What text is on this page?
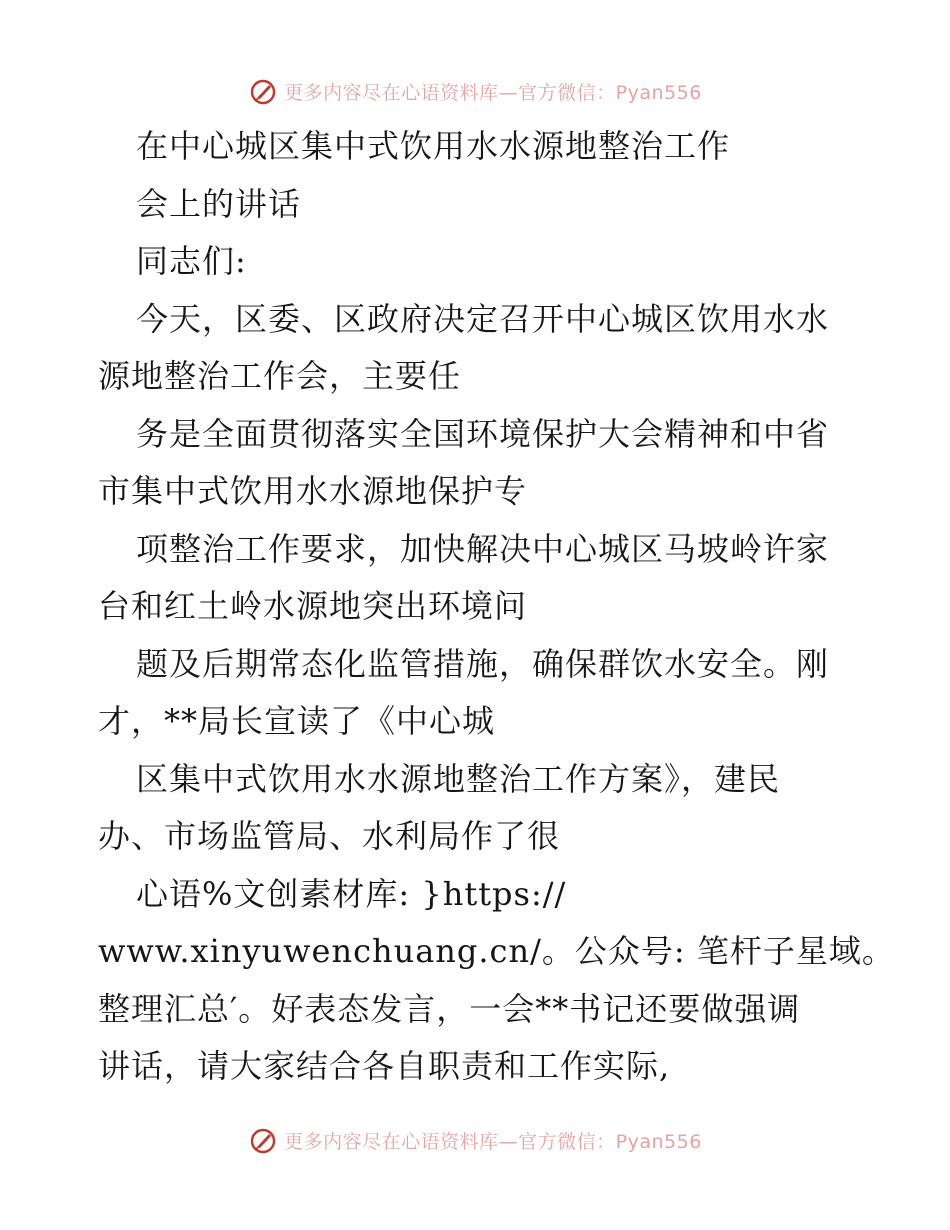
更多内容尽在心语资料库—官方微信：Pyan556
在中心城区集中式饮用水水源地整治工作
会上的讲话
同志们:
今天，区委、区政府决定召开中心城区饮用水水
源地整治工作会，主要任
务是全面贯彻落实全国环境保护大会精神和中省
市集中式饮用水水源地保护专
项整治工作要求，加快解决中心城区马坡岭许家
台和红土岭水源地突出环境问
题及后期常态化监管措施，确保群饮水安全。刚
才，**局长宣读了《中心城
区集中式饮用水水源地整治工作方案》，建民
办、市场监管局、水利局作了很
心语%文创素材库: }https://
www.xinyuwenchuang.cn/。公众号: 笔杆子星域。
整理汇总′。好表态发言，一会**书记还要做强调
讲话，请大家结合各自职责和工作实际,
更多内容尽在心语资料库—官方微信：Pyan556
